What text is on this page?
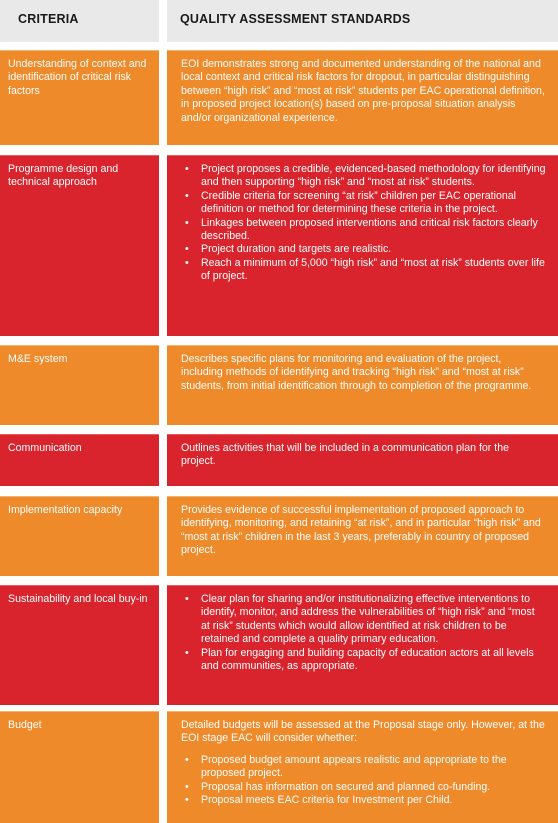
CRITERIA	QUALITY ASSESSMENT STANDARDS
Understanding of context and identification of critical risk factors
EOI demonstrates strong and documented understanding of the national and local context and critical risk factors for dropout, in particular distinguishing between “high risk” and “most at risk” students per EAC operational definition, in proposed project location(s) based on pre-proposal situation analysis and/or organizational experience.
Programme design and technical approach
• Project proposes a credible, evidenced-based methodology for identifying and then supporting “high risk” and “most at risk” students.
• Credible criteria for screening “at risk” children per EAC operational definition or method for determining these criteria in the project.
• Linkages between proposed interventions and critical risk factors clearly described.
• Project duration and targets are realistic.
• Reach a minimum of 5,000 “high risk” and “most at risk” students over life of project.
M&E system	Describes specific plans for monitoring and evaluation of the project, including methods of identifying and tracking “high risk” and “most at risk” students, from initial identification through to completion of the programme.
Communication	Outlines activities that will be included in a communication plan for the project.
Implementation capacity	Provides evidence of successful implementation of proposed approach to identifying, monitoring, and retaining “at risk”, and in particular “high risk” and “most at risk” children in the last 3 years, preferably in country of proposed project.
Sustainability and local buy-in
•	Clear plan for sharing and/or institutionalizing effective interventions to identify, monitor, and address the vulnerabilities of “high risk” and “most at risk” students which would allow identified at risk children to be retained and complete a quality primary education.
• Plan for engaging and building capacity of education actors at all levels and communities, as appropriate.
Budget	Detailed budgets will be assessed at the Proposal stage only. However, at the EOI stage EAC will consider whether:
• Proposed budget amount appears realistic and appropriate to the proposed project.
• Proposal has information on secured and planned co-funding.
• Proposal meets EAC criteria for Investment per Child.
